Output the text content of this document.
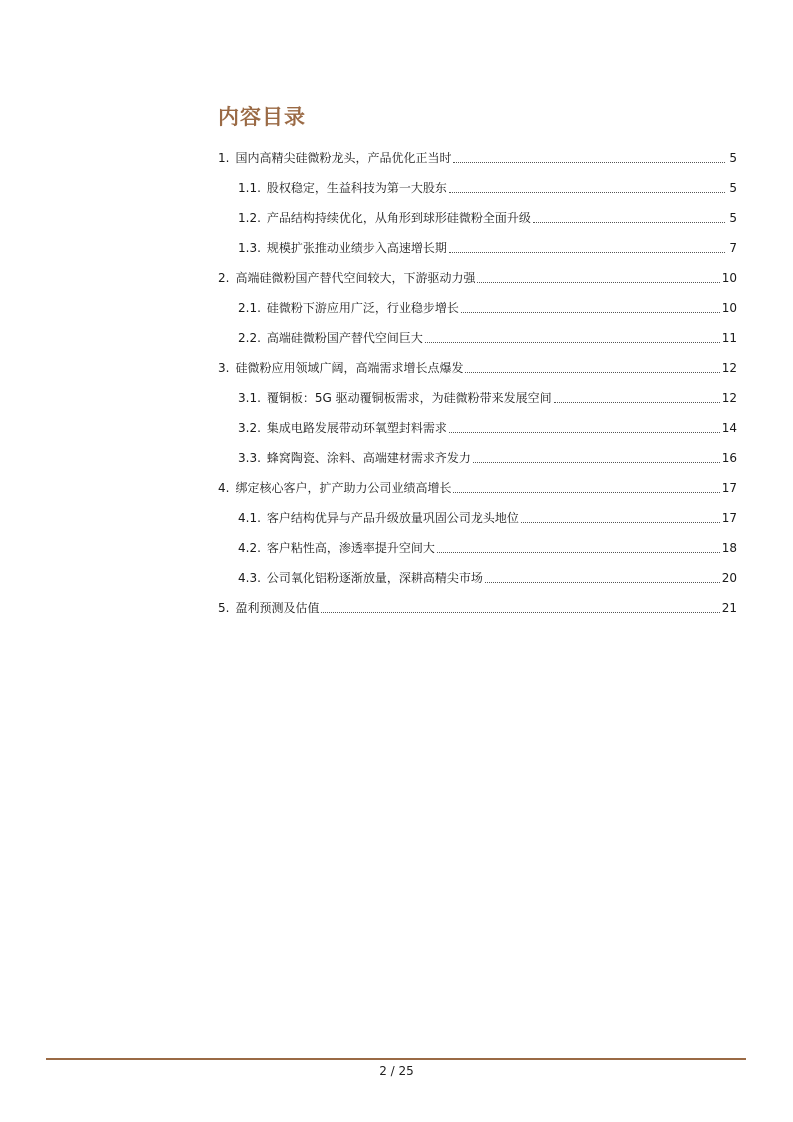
内容目录
1. 国内高精尖硅微粉龙头，产品优化正当时	5
1.1. 股权稳定，生益科技为第一大股东	5
1.2. 产品结构持续优化，从角形到球形硅微粉全面升级	5
1.3. 规模扩张推动业绩步入高速增长期	7
2. 高端硅微粉国产替代空间较大，下游驱动力强	10
2.1. 硅微粉下游应用广泛，行业稳步增长	10
2.2. 高端硅微粉国产替代空间巨大	11
3. 硅微粉应用领域广阔，高端需求增长点爆发	12
3.1. 覆铜板：5G 驱动覆铜板需求，为硅微粉带来发展空间	12
3.2. 集成电路发展带动环氧塑封料需求	14
3.3. 蜂窝陶瓷、涂料、高端建材需求齐发力	16
4. 绑定核心客户，扩产助力公司业绩高增长	17
4.1. 客户结构优异与产品升级放量巩固公司龙头地位	17
4.2. 客户粘性高，渗透率提升空间大	18
4.3. 公司氧化铝粉逐渐放量，深耕高精尖市场	20
5. 盈利预测及估值	21
2 / 25
